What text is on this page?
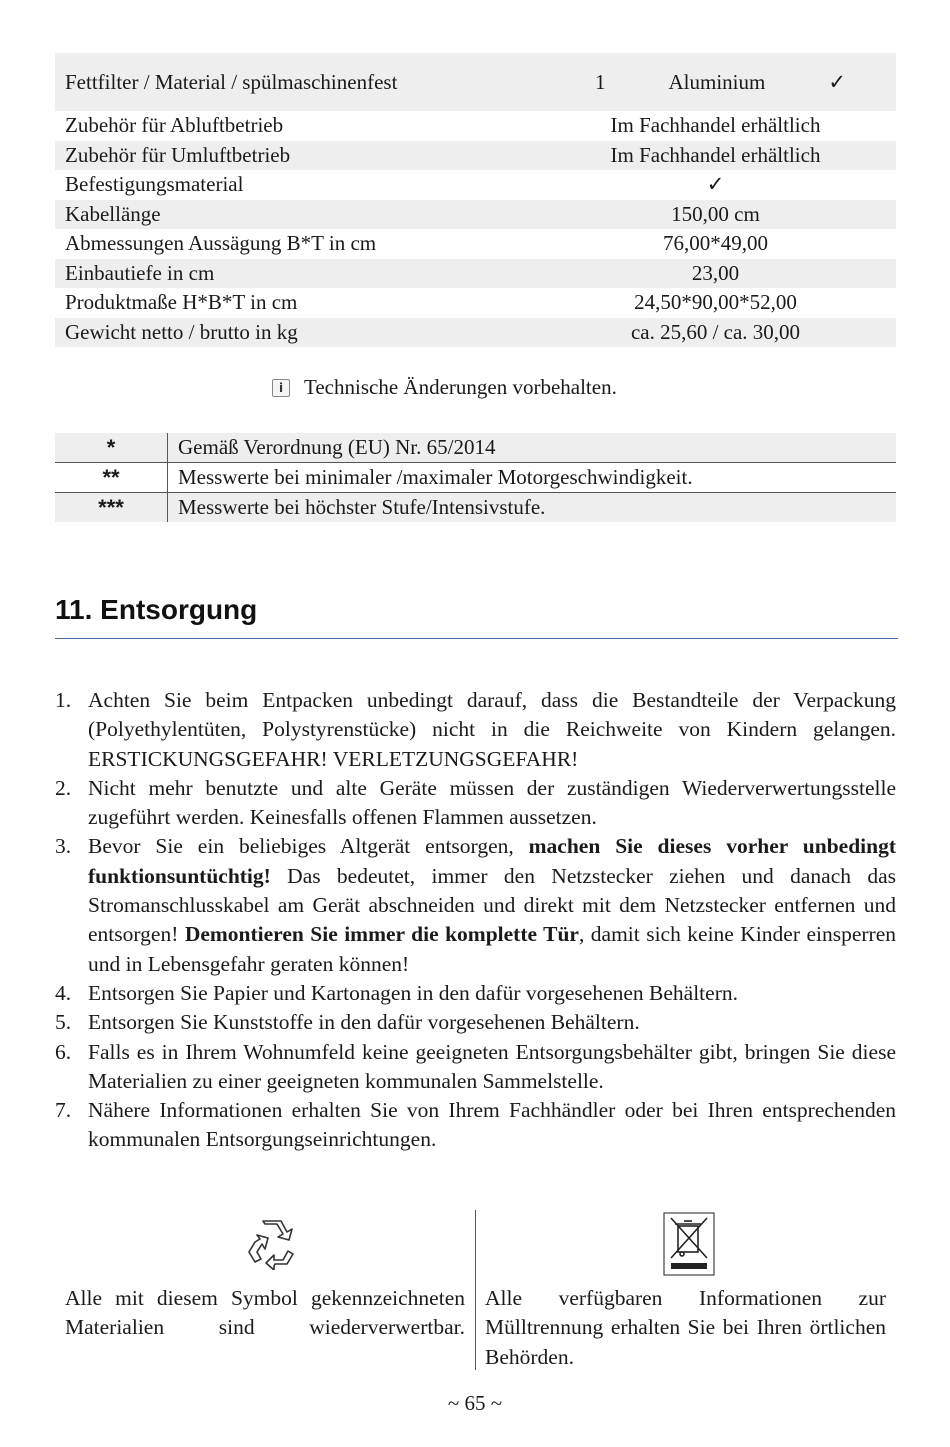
Fettfilter / Material / spülmaschinenfest	1 Aluminium ✓

Zubehör für Abluftbetrieb	Im Fachhandel erhältlich
Zubehör für Umluftbetrieb	Im Fachhandel erhältlich
Befestigungsmaterial	✓
Kabellänge	150,00 cm
Abmessungen Aussägung B*T in cm	76,00*49,00
Einbautiefe in cm	23,00
Produktmaße H*B*T in cm	24,50*90,00*52,00
Gewicht netto / brutto in kg	ca. 25,60 / ca. 30,00
i Technische Änderungen vorbehalten.
*	Gemäß Verordnung (EU) Nr. 65/2014
**	Messwerte bei minimaler /maximaler Motorgeschwindigkeit.
***	Messwerte bei höchster Stufe/Intensivstufe.
11. Entsorgung
1. Achten Sie beim Entpacken unbedingt darauf, dass die Bestandteile der Verpackung (Polyethylentüten, Polystyrenstücke) nicht in die Reichweite von Kindern gelangen. ERSTICKUNGSGEFAHR! VERLETZUNGSGEFAHR!
2. Nicht mehr benutzte und alte Geräte müssen der zuständigen Wiederverwertungsstelle zugeführt werden. Keinesfalls offenen Flammen aussetzen.
3. Bevor Sie ein beliebiges Altgerät entsorgen, machen Sie dieses vorher unbedingt funktionsuntüchtig! Das bedeutet, immer den Netzstecker ziehen und danach das Stromanschlusskabel am Gerät abschneiden und direkt mit dem Netzstecker entfernen und entsorgen! Demontieren Sie immer die komplette Tür, damit sich keine Kinder einsperren und in Lebensgefahr geraten können!
4. Entsorgen Sie Papier und Kartonagen in den dafür vorgesehenen Behältern.
5. Entsorgen Sie Kunststoffe in den dafür vorgesehenen Behältern.
6. Falls es in Ihrem Wohnumfeld keine geeigneten Entsorgungsbehälter gibt, bringen Sie diese Materialien zu einer geeigneten kommunalen Sammelstelle.
7. Nähere Informationen erhalten Sie von Ihrem Fachhändler oder bei Ihren entsprechenden kommunalen Entsorgungseinrichtungen.
Alle mit diesem Symbol gekennzeichneten Materialien sind wiederverwertbar.
Alle verfügbaren Informationen zur Mülltrennung erhalten Sie bei Ihren örtlichen Behörden.
~ 65 ~
